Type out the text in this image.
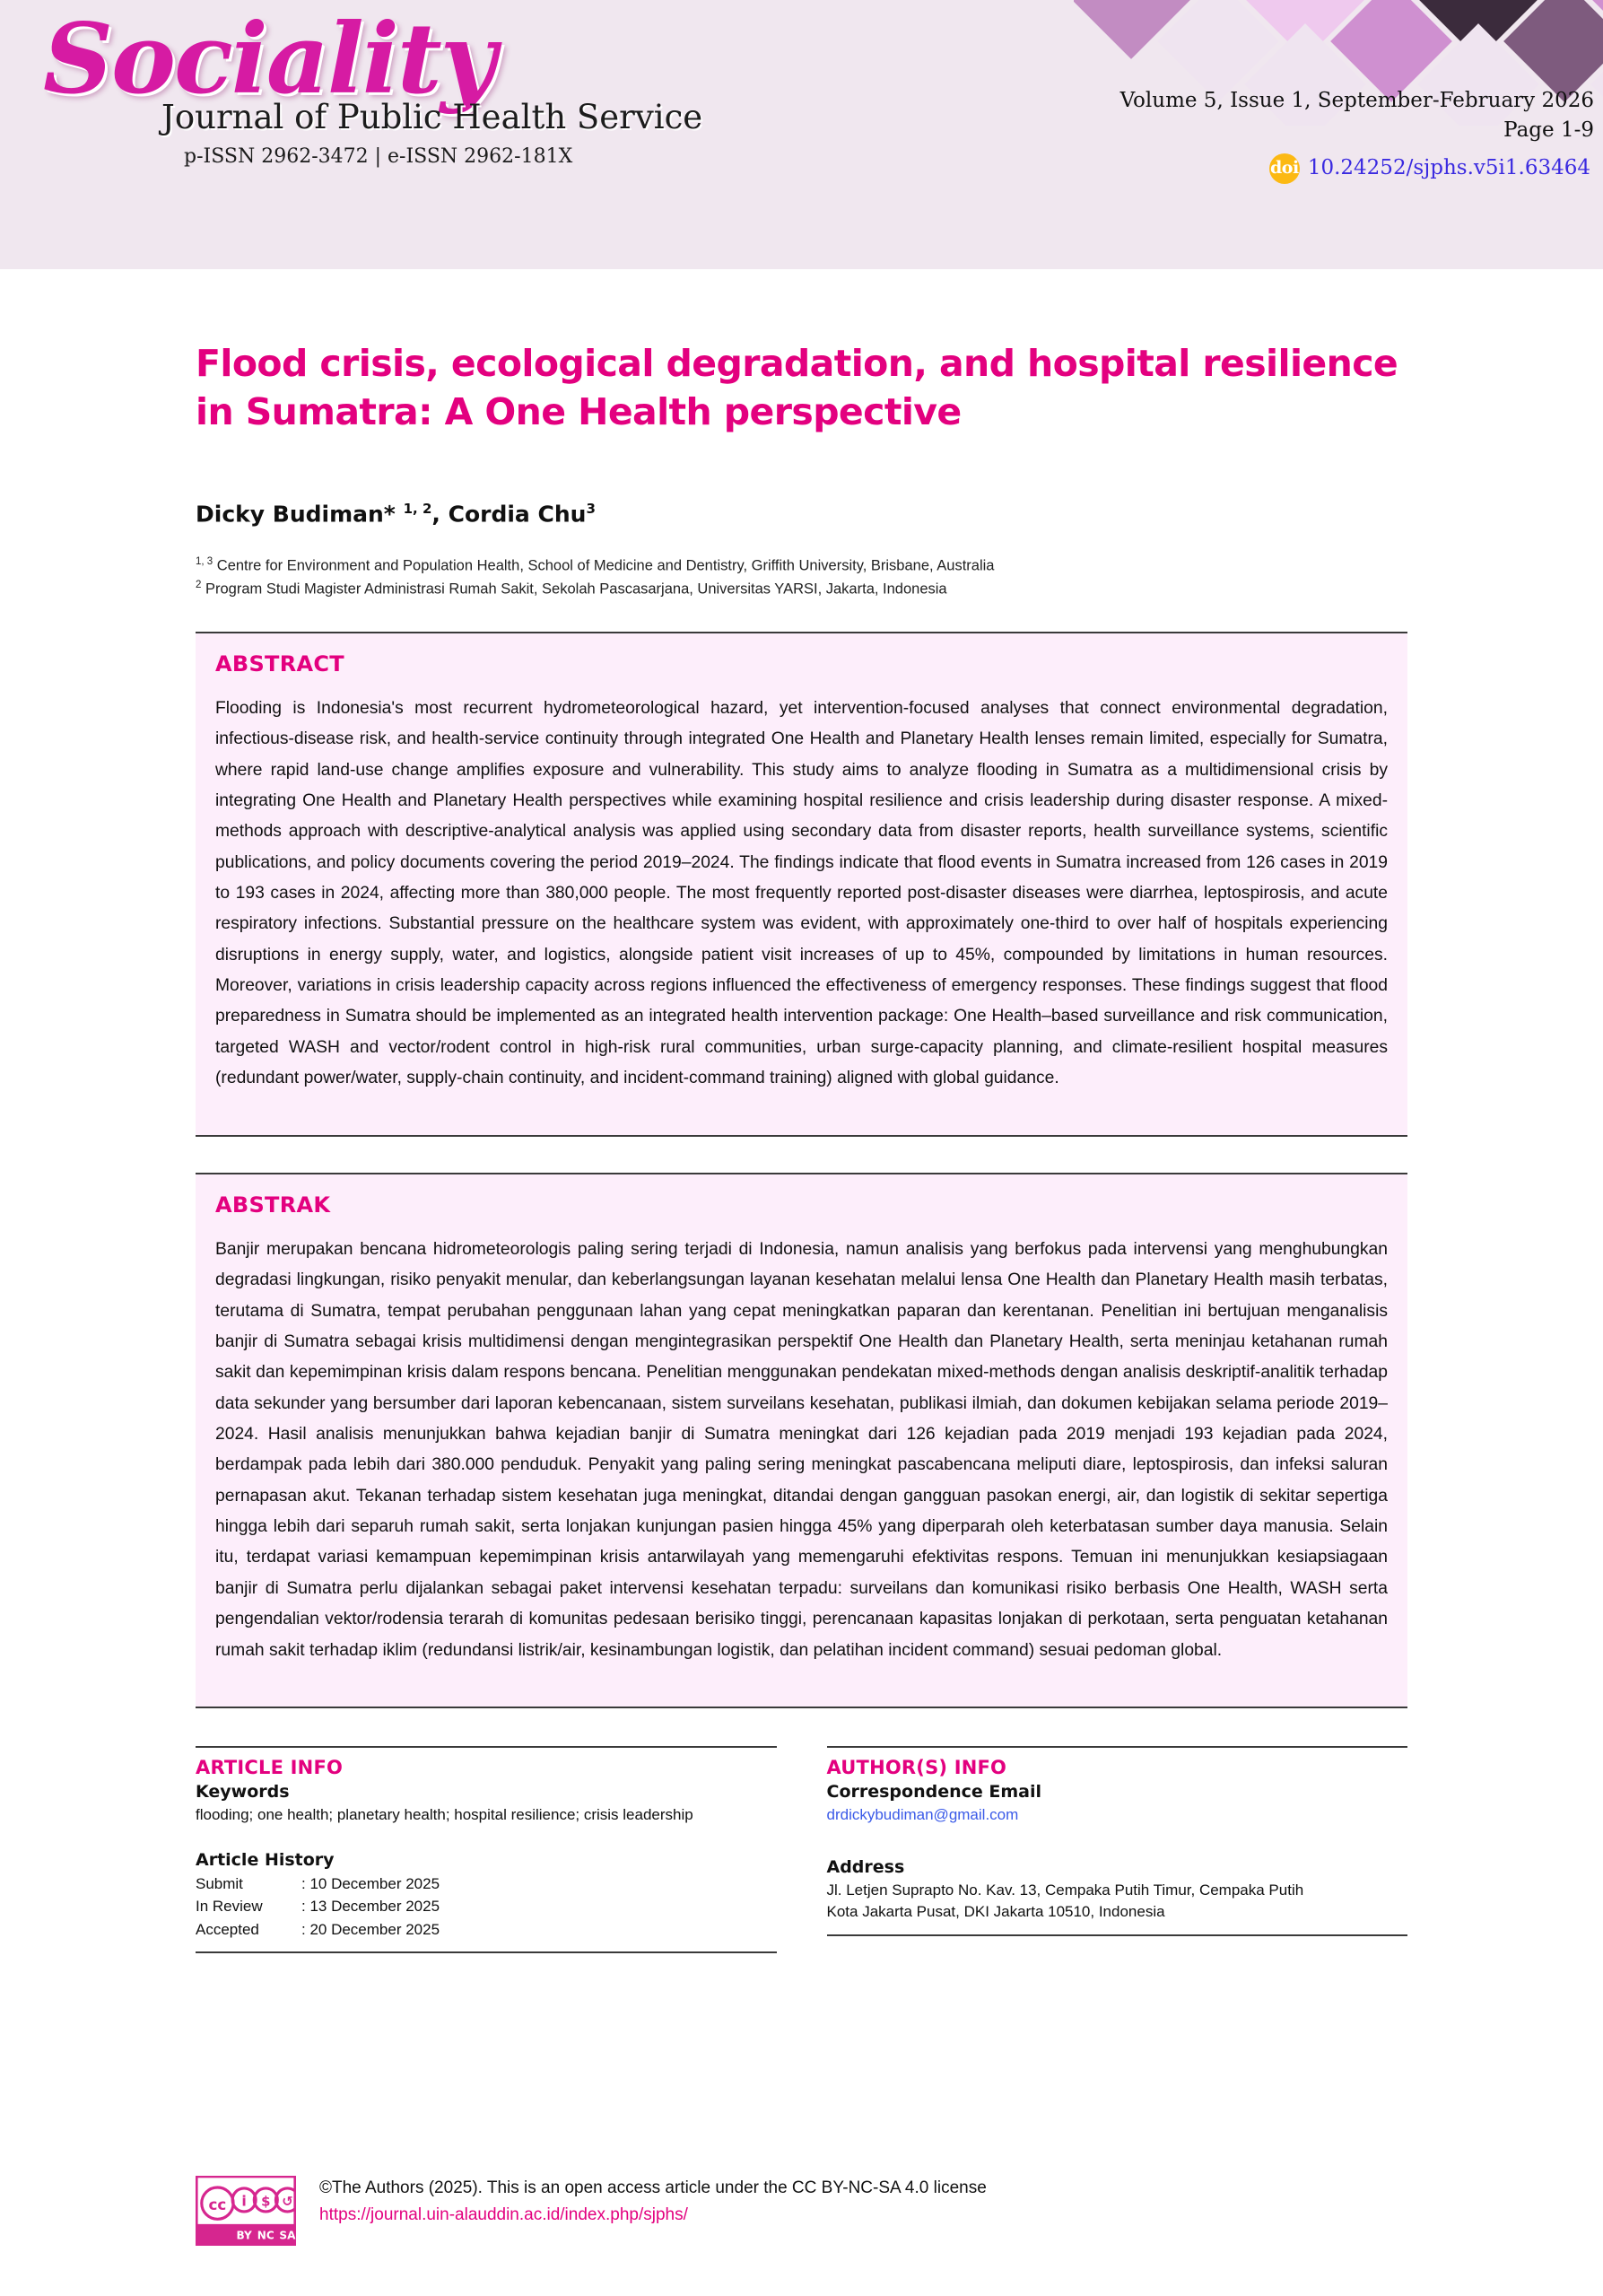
Sociality
Journal of Public Health Service
p-ISSN 2962-3472 | e-ISSN 2962-181X
Volume 5, Issue 1, September-February 2026
Page 1-9
doi 10.24252/sjphs.v5i1.63464
Flood crisis, ecological degradation, and hospital resilience in Sumatra: A One Health perspective
Dicky Budiman* $^{1, 2}$, Cordia Chu$^3$
$^{1, 3}$ Centre for Environment and Population Health, School of Medicine and Dentistry, Griffith University, Brisbane, Australia
$^2$ Program Studi Magister Administrasi Rumah Sakit, Sekolah Pascasarjana, Universitas YARSI, Jakarta, Indonesia
ABSTRACT

Flooding is Indonesia's most recurrent hydrometeorological hazard, yet intervention-focused analyses that connect environmental degradation, infectious-disease risk, and health-service continuity through integrated One Health and Planetary Health lenses remain limited, especially for Sumatra, where rapid land-use change amplifies exposure and vulnerability. This study aims to analyze flooding in Sumatra as a multidimensional crisis by integrating One Health and Planetary Health perspectives while examining hospital resilience and crisis leadership during disaster response. A mixed-methods approach with descriptive-analytical analysis was applied using secondary data from disaster reports, health surveillance systems, scientific publications, and policy documents covering the period 2019–2024. The findings indicate that flood events in Sumatra increased from 126 cases in 2019 to 193 cases in 2024, affecting more than 380,000 people. The most frequently reported post-disaster diseases were diarrhea, leptospirosis, and acute respiratory infections. Substantial pressure on the healthcare system was evident, with approximately one-third to over half of hospitals experiencing disruptions in energy supply, water, and logistics, alongside patient visit increases of up to 45%, compounded by limitations in human resources. Moreover, variations in crisis leadership capacity across regions influenced the effectiveness of emergency responses. These findings suggest that flood preparedness in Sumatra should be implemented as an integrated health intervention package: One Health–based surveillance and risk communication, targeted WASH and vector/rodent control in high-risk rural communities, urban surge-capacity planning, and climate-resilient hospital measures (redundant power/water, supply-chain continuity, and incident-command training) aligned with global guidance.

ABSTRAK

Banjir merupakan bencana hidrometeorologis paling sering terjadi di Indonesia, namun analisis yang berfokus pada intervensi yang menghubungkan degradasi lingkungan, risiko penyakit menular, dan keberlangsungan layanan kesehatan melalui lensa One Health dan Planetary Health masih terbatas, terutama di Sumatra, tempat perubahan penggunaan lahan yang cepat meningkatkan paparan dan kerentanan. Penelitian ini bertujuan menganalisis banjir di Sumatra sebagai krisis multidimensi dengan mengintegrasikan perspektif One Health dan Planetary Health, serta meninjau ketahanan rumah sakit dan kepemimpinan krisis dalam respons bencana. Penelitian menggunakan pendekatan mixed-methods dengan analisis deskriptif-analitik terhadap data sekunder yang bersumber dari laporan kebencanaan, sistem surveilans kesehatan, publikasi ilmiah, dan dokumen kebijakan selama periode 2019–2024. Hasil analisis menunjukkan bahwa kejadian banjir di Sumatra meningkat dari 126 kejadian pada 2019 menjadi 193 kejadian pada 2024, berdampak pada lebih dari 380.000 penduduk. Penyakit yang paling sering meningkat pascabencana meliputi diare, leptospirosis, dan infeksi saluran pernapasan akut. Tekanan terhadap sistem kesehatan juga meningkat, ditandai dengan gangguan pasokan energi, air, dan logistik di sekitar sepertiga hingga lebih dari separuh rumah sakit, serta lonjakan kunjungan pasien hingga 45% yang diperparah oleh keterbatasan sumber daya manusia. Selain itu, terdapat variasi kemampuan kepemimpinan krisis antarwilayah yang memengaruhi efektivitas respons. Temuan ini menunjukkan kesiapsiagaan banjir di Sumatra perlu dijalankan sebagai paket intervensi kesehatan terpadu: surveilans dan komunikasi risiko berbasis One Health, WASH serta pengendalian vektor/rodensia terarah di komunitas pedesaan berisiko tinggi, perencanaan kapasitas lonjakan di perkotaan, serta penguatan ketahanan rumah sakit terhadap iklim (redundansi listrik/air, kesinambungan logistik, dan pelatihan incident command) sesuai pedoman global.

ARTICLE INFO
Keywords
flooding; one health; planetary health; hospital resilience; crisis leadership
Article History
Submit	: 10 December 2025
In Review	: 13 December 2025
Accepted	: 20 December 2025
AUTHOR(S) INFO
Correspondence Email
drdickybudiman@gmail.com
Address
Jl. Letjen Suprapto No. Kav. 13, Cempaka Putih Timur, Cempaka Putih
Kota Jakarta Pusat, DKI Jakarta 10510, Indonesia
cc i $ ↺
BY NC SA
©The Authors (2025). This is an open access article under the CC BY-NC-SA 4.0 license
https://journal.uin-alauddin.ac.id/index.php/sjphs/
